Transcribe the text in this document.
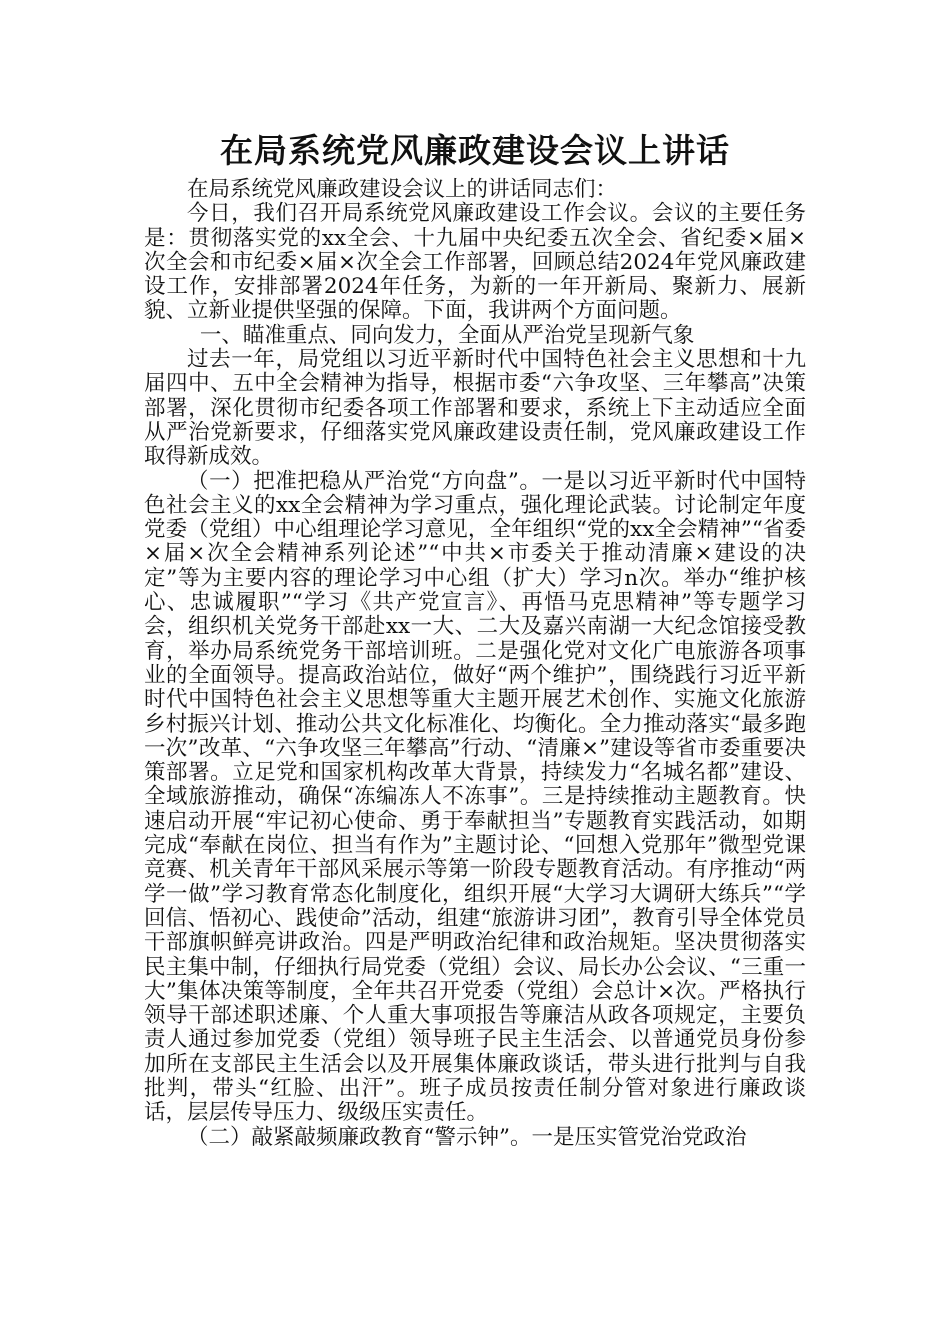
在局系统党风廉政建设会议上讲话

在局系统党风廉政建设会议上的讲话同志们：

今日，我们召开局系统党风廉政建设工作会议。会议的主要任务是：贯彻落实党的xx全会、十九届中央纪委五次全会、省纪委×届×次全会和市纪委×届×次全会工作部署，回顾总结2024年党风廉政建设工作，安排部署2024年任务，为新的一年开新局、聚新力、展新貌、立新业提供坚强的保障。下面，我讲两个方面问题。

一、瞄准重点、同向发力，全面从严治党呈现新气象

过去一年，局党组以习近平新时代中国特色社会主义思想和十九届四中、五中全会精神为指导，根据市委“六争攻坚、三年攀高”决策部署，深化贯彻市纪委各项工作部署和要求，系统上下主动适应全面从严治党新要求，仔细落实党风廉政建设责任制，党风廉政建设工作取得新成效。

（一）把准把稳从严治党“方向盘”。一是以习近平新时代中国特色社会主义的xx全会精神为学习重点，强化理论武装。讨论制定年度党委（党组）中心组理论学习意见，全年组织“党的xx全会精神”“省委×届×次全会精神系列论述”“中共×市委关于推动清廉×建设的决定”等为主要内容的理论学习中心组（扩大）学习n次。举办“维护核心、忠诚履职”“学习《共产党宣言》、再悟马克思精神”等专题学习会，组织机关党务干部赴xx一大、二大及嘉兴南湖一大纪念馆接受教育，举办局系统党务干部培训班。二是强化党对文化广电旅游各项事业的全面领导。提高政治站位，做好“两个维护”，围绕践行习近平新时代中国特色社会主义思想等重大主题开展艺术创作、实施文化旅游乡村振兴计划、推动公共文化标准化、均衡化。全力推动落实“最多跑一次”改革、“六争攻坚三年攀高”行动、“清廉×”建设等省市委重要决策部署。立足党和国家机构改革大背景，持续发力“名城名都”建设、全域旅游推动，确保“冻编冻人不冻事”。三是持续推动主题教育。快速启动开展“牢记初心使命、勇于奉献担当”专题教育实践活动，如期完成“奉献在岗位、担当有作为”主题讨论、“回想入党那年”微型党课竞赛、机关青年干部风采展示等第一阶段专题教育活动。有序推动“两学一做”学习教育常态化制度化，组织开展“大学习大调研大练兵”“学回信、悟初心、践使命”活动，组建“旅游讲习团”，教育引导全体党员干部旗帜鲜亮讲政治。四是严明政治纪律和政治规矩。坚决贯彻落实民主集中制，仔细执行局党委（党组）会议、局长办公会议、“三重一大”集体决策等制度，全年共召开党委（党组）会总计×次。严格执行领导干部述职述廉、个人重大事项报告等廉洁从政各项规定，主要负责人通过参加党委（党组）领导班子民主生活会、以普通党员身份参加所在支部民主生活会以及开展集体廉政谈话，带头进行批判与自我批判，带头“红脸、出汗”。班子成员按责任制分管对象进行廉政谈话，层层传导压力、级级压实责任。

（二）敲紧敲频廉政教育“警示钟”。一是压实管党治党政治
